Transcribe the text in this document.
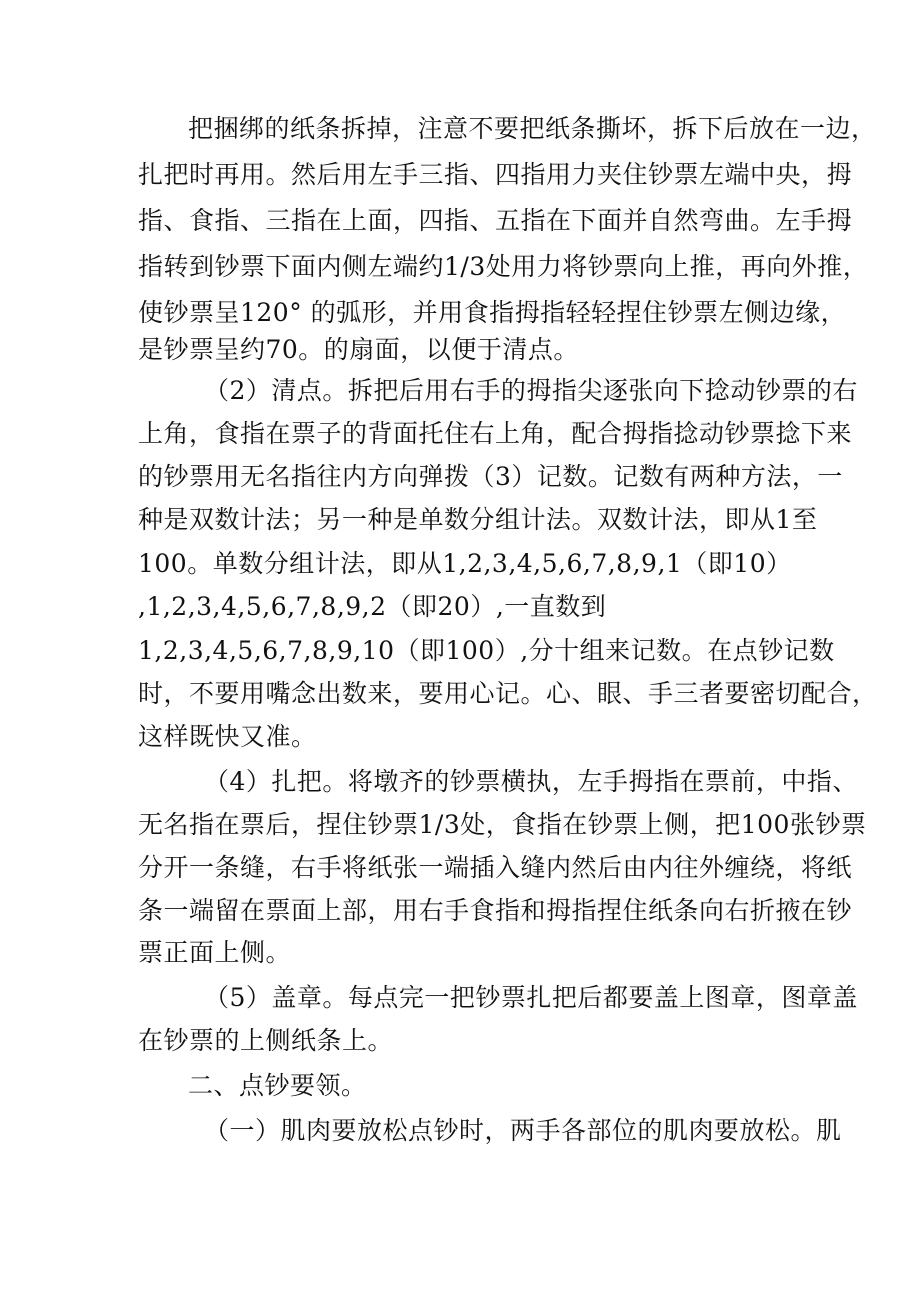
把捆绑的纸条拆掉，注意不要把纸条撕坏，拆下后放在一边，
扎把时再用。然后用左手三指、四指用力夹住钞票左端中央，拇
指、食指、三指在上面，四指、五指在下面并自然弯曲。左手拇
指转到钞票下面内侧左端约1/3处用力将钞票向上推，再向外推，
使钞票呈120° 的弧形，并用食指拇指轻轻捏住钞票左侧边缘，
是钞票呈约70。的扇面，以便于清点。
（2）清点。拆把后用右手的拇指尖逐张向下捻动钞票的右
上角，食指在票子的背面托住右上角，配合拇指捻动钞票捻下来
的钞票用无名指往内方向弹拨（3）记数。记数有两种方法，一
种是双数计法；另一种是单数分组计法。双数计法，即从1至
100。单数分组计法，即从1,2,3,4,5,6,7,8,9,1（即10）
,1,2,3,4,5,6,7,8,9,2（即20）,一直数到
1,2,3,4,5,6,7,8,9,10（即100）,分十组来记数。在点钞记数
时，不要用嘴念出数来，要用心记。心、眼、手三者要密切配合，
这样既快又准。
（4）扎把。将墩齐的钞票横执，左手拇指在票前，中指、
无名指在票后，捏住钞票1/3处，食指在钞票上侧，把100张钞票
分开一条缝，右手将纸张一端插入缝内然后由内往外缠绕，将纸
条一端留在票面上部，用右手食指和拇指捏住纸条向右折掖在钞
票正面上侧。
（5）盖章。每点完一把钞票扎把后都要盖上图章，图章盖
在钞票的上侧纸条上。
二、点钞要领。
（一）肌肉要放松点钞时，两手各部位的肌肉要放松。肌
